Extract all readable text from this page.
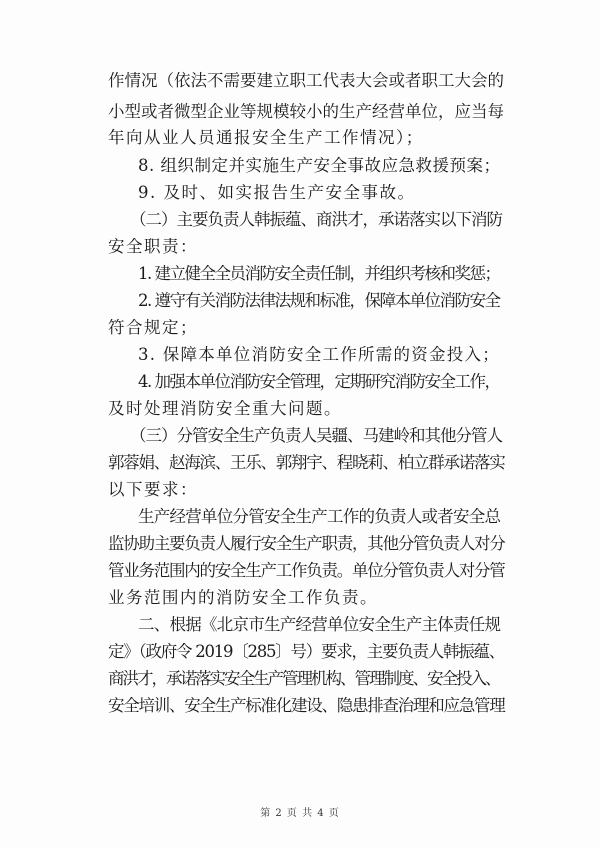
作情况（依法不需要建立职工代表大会或者职工大会的
小型或者微型企业等规模较小的生产经营单位，应当每
年向从业人员通报安全生产工作情况）；
8. 组织制定并实施生产安全事故应急救援预案；
9. 及时、如实报告生产安全事故。
（二）主要负责人韩振蕴、商洪才，承诺落实以下消防
安全职责：
1. 建立健全全员消防安全责任制，并组织考核和奖惩；
2. 遵守有关消防法律法规和标准，保障本单位消防安全
符合规定；
3. 保障本单位消防安全工作所需的资金投入；
4. 加强本单位消防安全管理，定期研究消防安全工作，
及时处理消防安全重大问题。
（三）分管安全生产负责人吴疆、马建岭和其他分管人
郭蓉娟、赵海滨、王乐、郭翔宇、程晓莉、柏立群承诺落实
以下要求：
生产经营单位分管安全生产工作的负责人或者安全总
监协助主要负责人履行安全生产职责，其他分管负责人对分
管业务范围内的安全生产工作负责。单位分管负责人对分管
业务范围内的消防安全工作负责。
二、根据《北京市生产经营单位安全生产主体责任规
定》（政府令 2019〔285〕号）要求，主要负责人韩振蕴、
商洪才，承诺落实安全生产管理机构、管理制度、安全投入、
安全培训、安全生产标准化建设、隐患排查治理和应急管理
第 2 页 共 4 页
